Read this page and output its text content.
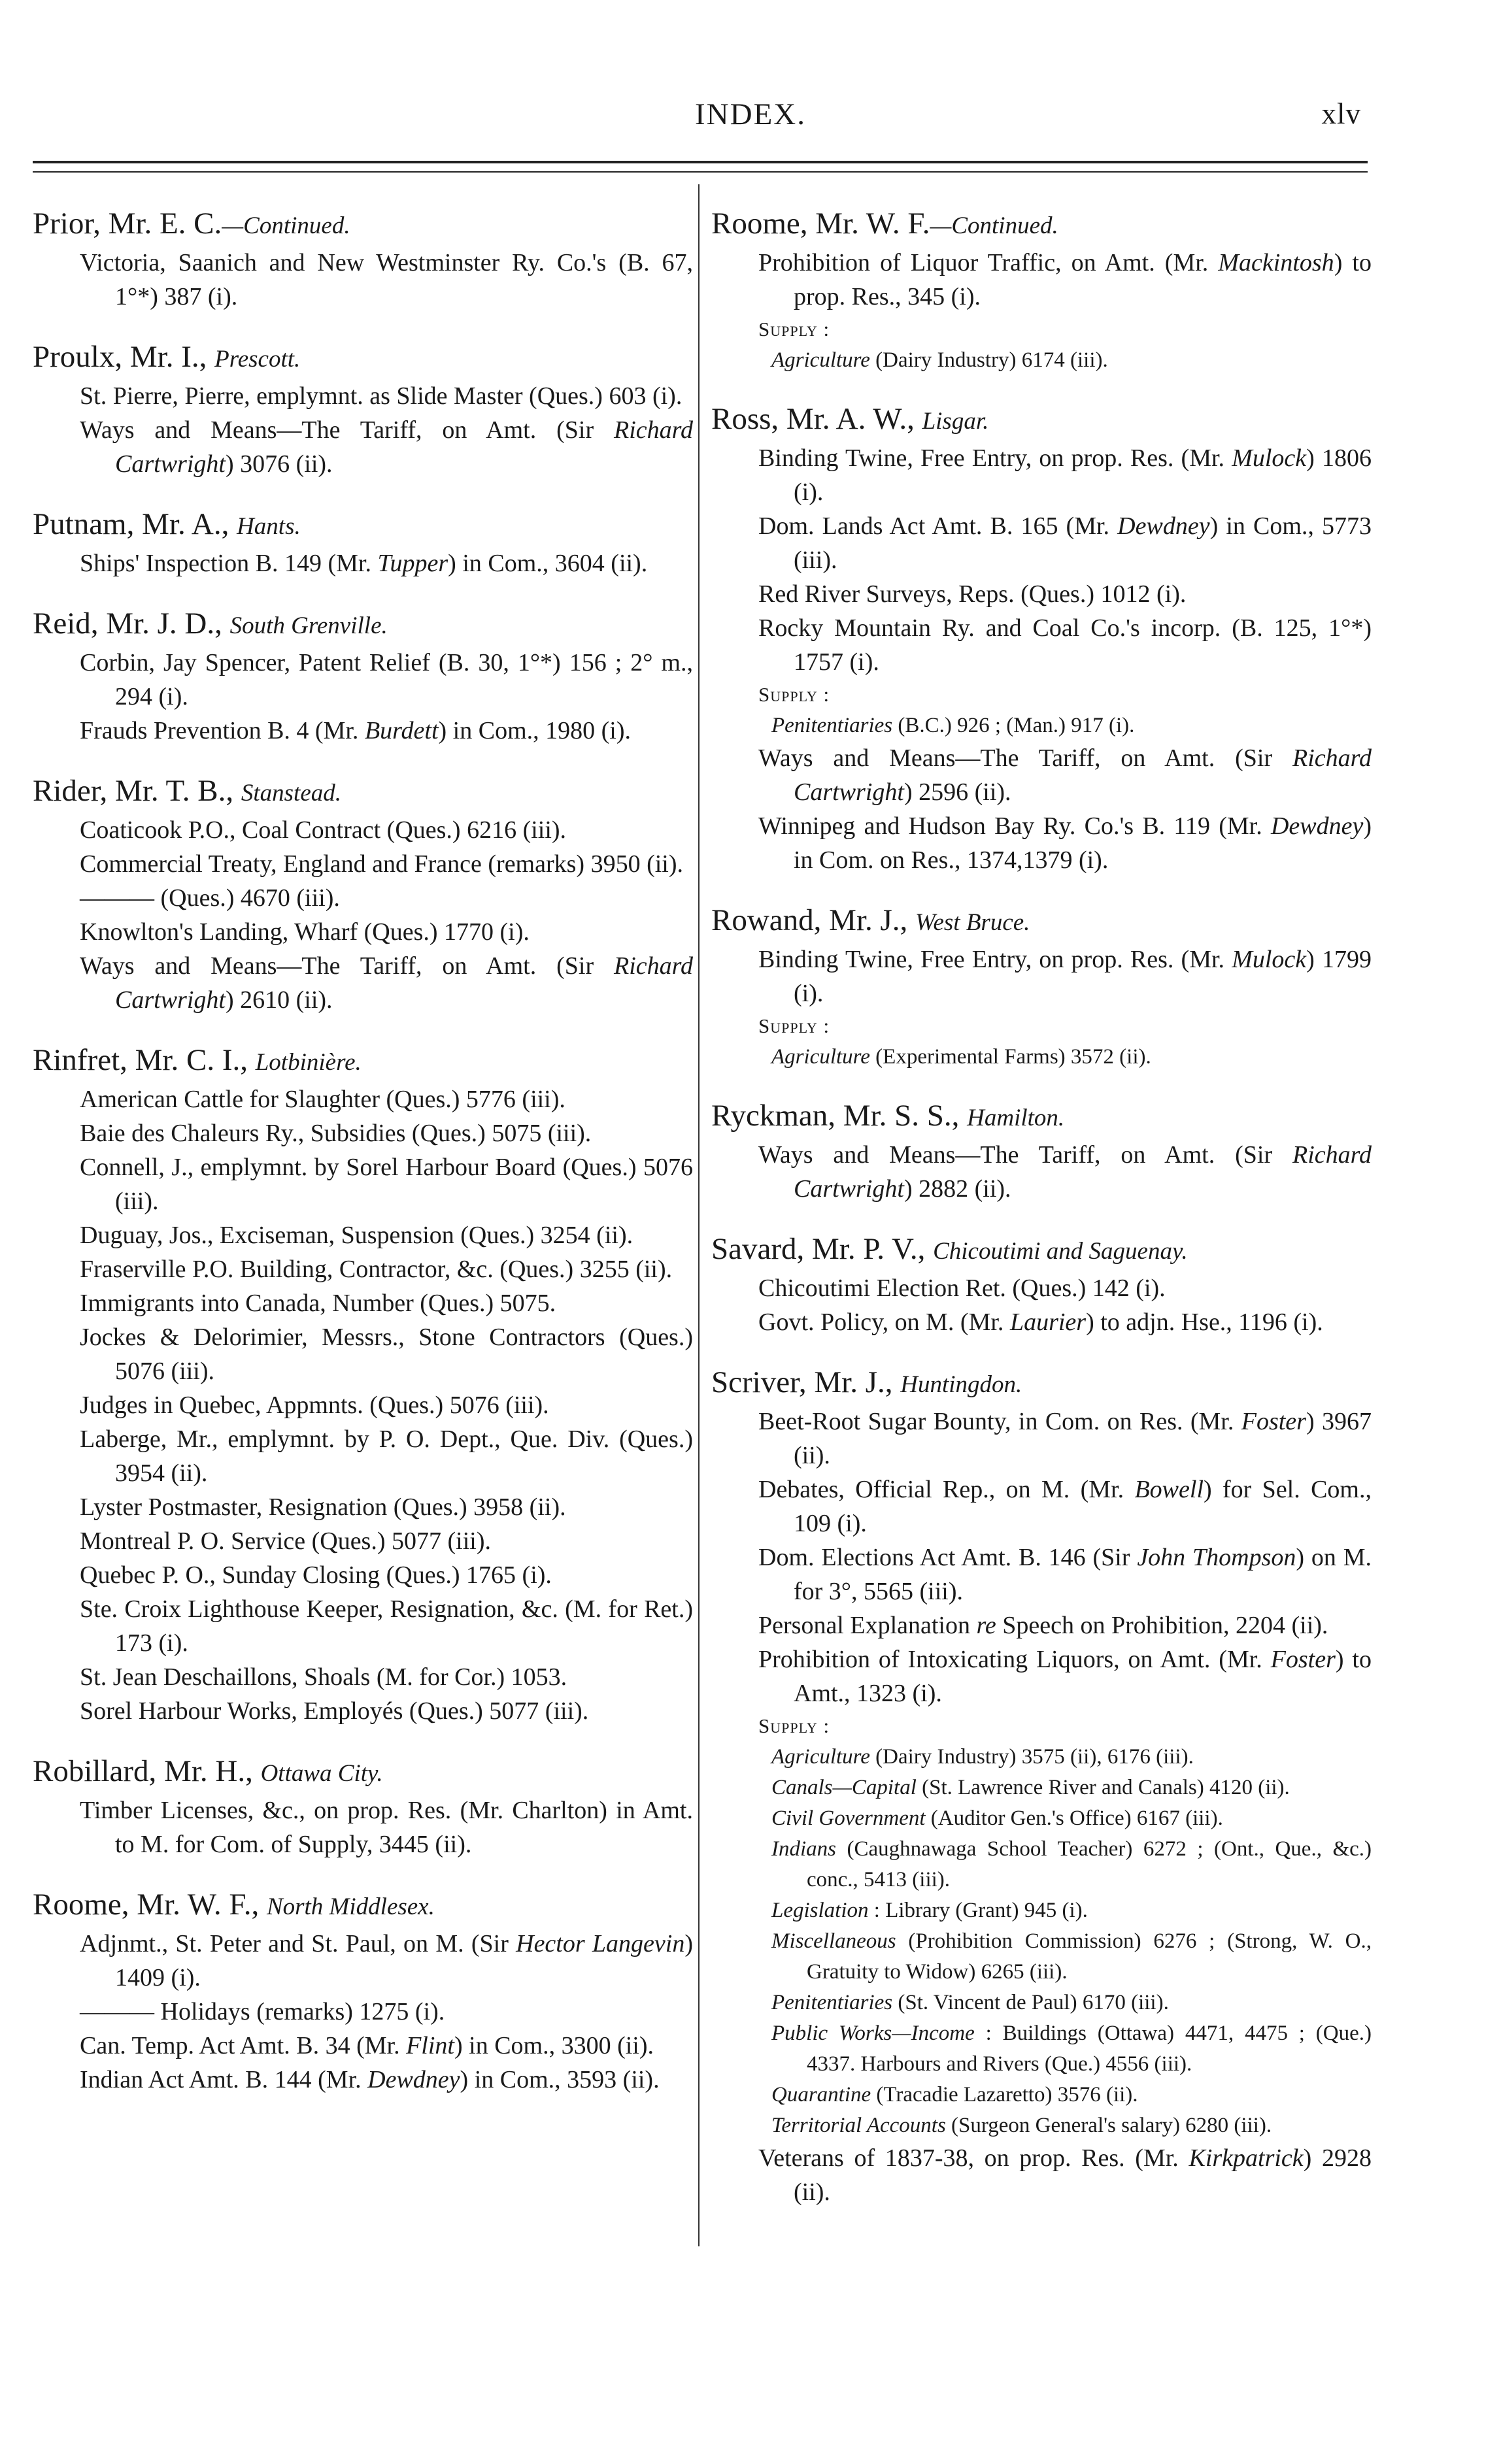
INDEX.	xlv
Prior, Mr. E. C.—Continued.
Victoria, Saanich and New Westminster Ry. Co.'s (B. 67, 1°*) 387 (i).
Proulx, Mr. I., Prescott.
St. Pierre, Pierre, emplymnt. as Slide Master (Ques.) 603 (i).
Ways and Means—The Tariff, on Amt. (Sir Richard Cartwright) 3076 (ii).
Putnam, Mr. A., Hants.
Ships' Inspection B. 149 (Mr. Tupper) in Com., 3604 (ii).
Reid, Mr. J. D., South Grenville.
Corbin, Jay Spencer, Patent Relief (B. 30, 1°*) 156 ; 2° m., 294 (i).
Frauds Prevention B. 4 (Mr. Burdett) in Com., 1980 (i).
Rider, Mr. T. B., Stanstead.
Coaticook P.O., Coal Contract (Ques.) 6216 (iii).
Commercial Treaty, England and France (remarks) 3950 (ii).
——— (Ques.) 4670 (iii).
Knowlton's Landing, Wharf (Ques.) 1770 (i).
Ways and Means—The Tariff, on Amt. (Sir Richard Cartwright) 2610 (ii).
Rinfret, Mr. C. I., Lotbinière.
American Cattle for Slaughter (Ques.) 5776 (iii).
Baie des Chaleurs Ry., Subsidies (Ques.) 5075 (iii).
Connell, J., emplymnt. by Sorel Harbour Board (Ques.) 5076 (iii).
Duguay, Jos., Exciseman, Suspension (Ques.) 3254 (ii).
Fraserville P.O. Building, Contractor, &c. (Ques.) 3255 (ii).
Immigrants into Canada, Number (Ques.) 5075.
Jockes & Delorimier, Messrs., Stone Contractors (Ques.) 5076 (iii).
Judges in Quebec, Appmnts. (Ques.) 5076 (iii).
Laberge, Mr., emplymnt. by P. O. Dept., Que. Div. (Ques.) 3954 (ii).
Lyster Postmaster, Resignation (Ques.) 3958 (ii).
Montreal P. O. Service (Ques.) 5077 (iii).
Quebec P. O., Sunday Closing (Ques.) 1765 (i).
Ste. Croix Lighthouse Keeper, Resignation, &c. (M. for Ret.) 173 (i).
St. Jean Deschaillons, Shoals (M. for Cor.) 1053.
Sorel Harbour Works, Employés (Ques.) 5077 (iii).
Robillard, Mr. H., Ottawa City.
Timber Licenses, &c., on prop. Res. (Mr. Charlton) in Amt. to M. for Com. of Supply, 3445 (ii).
Roome, Mr. W. F., North Middlesex.
Adjnmt., St. Peter and St. Paul, on M. (Sir Hector Langevin) 1409 (i).
——— Holidays (remarks) 1275 (i).
Can. Temp. Act Amt. B. 34 (Mr. Flint) in Com., 3300 (ii).
Indian Act Amt. B. 144 (Mr. Dewdney) in Com., 3593 (ii).
Roome, Mr. W. F.—Continued.
Prohibition of Liquor Traffic, on Amt. (Mr. Mackintosh) to prop. Res., 345 (i).
Supply :
Agriculture (Dairy Industry) 6174 (iii).
Ross, Mr. A. W., Lisgar.
Binding Twine, Free Entry, on prop. Res. (Mr. Mulock) 1806 (i).
Dom. Lands Act Amt. B. 165 (Mr. Dewdney) in Com., 5773 (iii).
Red River Surveys, Reps. (Ques.) 1012 (i).
Rocky Mountain Ry. and Coal Co.'s incorp. (B. 125, 1°*) 1757 (i).
Supply :
Penitentiaries (B.C.) 926 ; (Man.) 917 (i).
Ways and Means—The Tariff, on Amt. (Sir Richard Cartwright) 2596 (ii).
Winnipeg and Hudson Bay Ry. Co.'s B. 119 (Mr. Dewdney) in Com. on Res., 1374,1379 (i).
Rowand, Mr. J., West Bruce.
Binding Twine, Free Entry, on prop. Res. (Mr. Mulock) 1799 (i).
Supply :
Agriculture (Experimental Farms) 3572 (ii).
Ryckman, Mr. S. S., Hamilton.
Ways and Means—The Tariff, on Amt. (Sir Richard Cartwright) 2882 (ii).
Savard, Mr. P. V., Chicoutimi and Saguenay.
Chicoutimi Election Ret. (Ques.) 142 (i).
Govt. Policy, on M. (Mr. Laurier) to adjn. Hse., 1196 (i).
Scriver, Mr. J., Huntingdon.
Beet-Root Sugar Bounty, in Com. on Res. (Mr. Foster) 3967 (ii).
Debates, Official Rep., on M. (Mr. Bowell) for Sel. Com., 109 (i).
Dom. Elections Act Amt. B. 146 (Sir John Thompson) on M. for 3°, 5565 (iii).
Personal Explanation re Speech on Prohibition, 2204 (ii).
Prohibition of Intoxicating Liquors, on Amt. (Mr. Foster) to Amt., 1323 (i).
Supply :
Agriculture (Dairy Industry) 3575 (ii), 6176 (iii).
Canals—Capital (St. Lawrence River and Canals) 4120 (ii).
Civil Government (Auditor Gen.'s Office) 6167 (iii).
Indians (Caughnawaga School Teacher) 6272 ; (Ont., Que., &c.) conc., 5413 (iii).
Legislation : Library (Grant) 945 (i).
Miscellaneous (Prohibition Commission) 6276 ; (Strong, W. O., Gratuity to Widow) 6265 (iii).
Penitentiaries (St. Vincent de Paul) 6170 (iii).
Public Works—Income : Buildings (Ottawa) 4471, 4475 ; (Que.) 4337. Harbours and Rivers (Que.) 4556 (iii).
Quarantine (Tracadie Lazaretto) 3576 (ii).
Territorial Accounts (Surgeon General's salary) 6280 (iii).
Veterans of 1837-38, on prop. Res. (Mr. Kirkpatrick) 2928 (ii).
